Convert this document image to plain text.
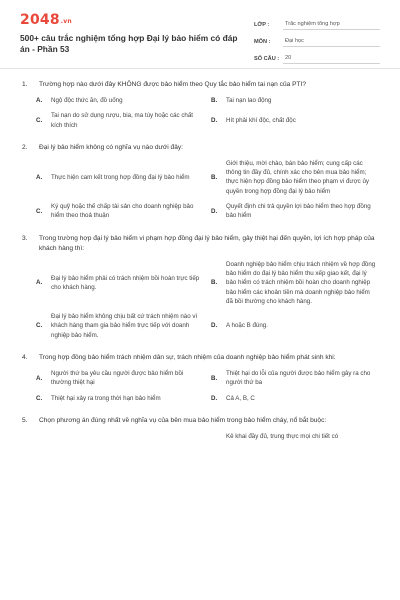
2048.vn
500+ câu trắc nghiệm tổng hợp Đại lý bảo hiểm có đáp án - Phần 53
LỚP :	Trắc nghiệm tổng hợp
MÔN :	Đại học
SỐ CÂU :	20
1.	Trường hợp nào dưới đây KHÔNG được bảo hiểm theo Quy tắc bảo hiểm tai nạn của PTI?
A.	Ngộ độc thức ăn, đồ uống	B.	Tai nạn lao động
C.
Tai nạn do sử dụng rượu, bia, ma túy hoặc các chất kích thích
D.	Hít phải khí độc, chất độc
2.	Đại lý bảo hiểm không có nghĩa vụ nào dưới đây:
A.	Thực hiện cam kết trong hợp đồng đại lý bảo hiểm	B.
Giới thiệu, mời chào, bán bảo hiểm; cung cấp các thông tin đầy đủ, chính xác cho bên mua bảo hiểm; thực hiện hợp đồng bảo hiểm theo phạm vi được ủy quyền trong hợp đồng đại lý bảo hiểm
C.
Ký quỹ hoặc thế chấp tài sản cho doanh nghiệp bảo hiểm theo thoả thuận
D.
Quyết định chi trả quyền lợi bảo hiểm theo hợp đồng bảo hiểm
3.	Trong trường hợp đại lý bảo hiểm vi phạm hợp đồng đại lý bảo hiểm, gây thiệt hại đến quyền, lợi ích hợp pháp của khách hàng thì:
A.
Đại lý bảo hiểm phải có trách nhiệm bồi hoàn trực tiếp cho khách hàng.
B.
Doanh nghiệp bảo hiểm chịu trách nhiệm về hợp đồng bảo hiểm do đại lý bảo hiểm thu xếp giao kết, đại lý bảo hiểm có trách nhiệm bồi hoàn cho doanh nghiệp bảo hiểm các khoản tiền mà doanh nghiệp bảo hiểm đã bồi thường cho khách hàng.
C.
Đại lý bảo hiểm không chịu bất cứ trách nhiệm nào vì khách hàng tham gia bảo hiểm trực tiếp với doanh nghiệp bảo hiểm.
D.	A hoặc B đúng.
4.	Trong hợp đồng bảo hiểm trách nhiệm dân sự, trách nhiệm của doanh nghiệp bảo hiểm phát sinh khi:
A.
Người thứ ba yêu cầu người được bảo hiểm bồi thường thiệt hại
B.
Thiệt hại do lỗi của người được bảo hiểm gây ra cho người thứ ba
C.	Thiệt hại xảy ra trong thời hạn bảo hiểm	D.	Cả A, B, C
5.	Chọn phương án đúng nhất về nghĩa vụ của bên mua bảo hiểm trong bảo hiểm cháy, nổ bắt buộc:
Kê khai đầy đủ, trung thực mọi chi tiết có
